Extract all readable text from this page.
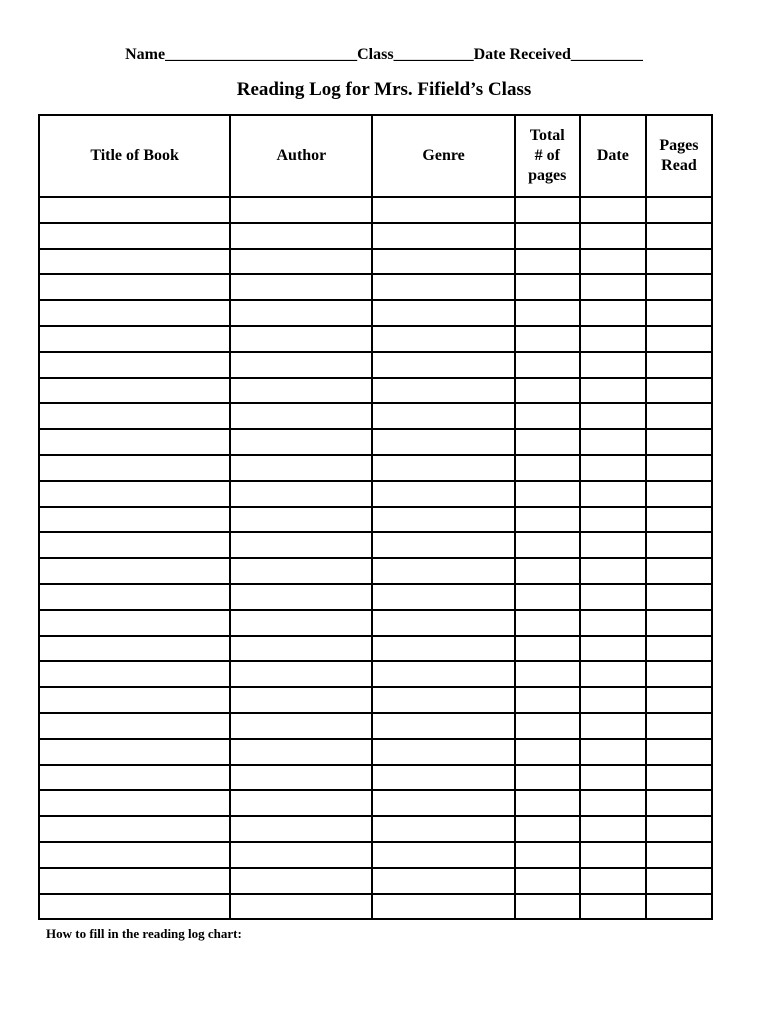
Name________________________Class__________Date Received_________
Reading Log for Mrs. Fifield’s Class
Title of Book	Author	Genre	Total # of pages	Date	Pages Read

How to fill in the reading log chart:
